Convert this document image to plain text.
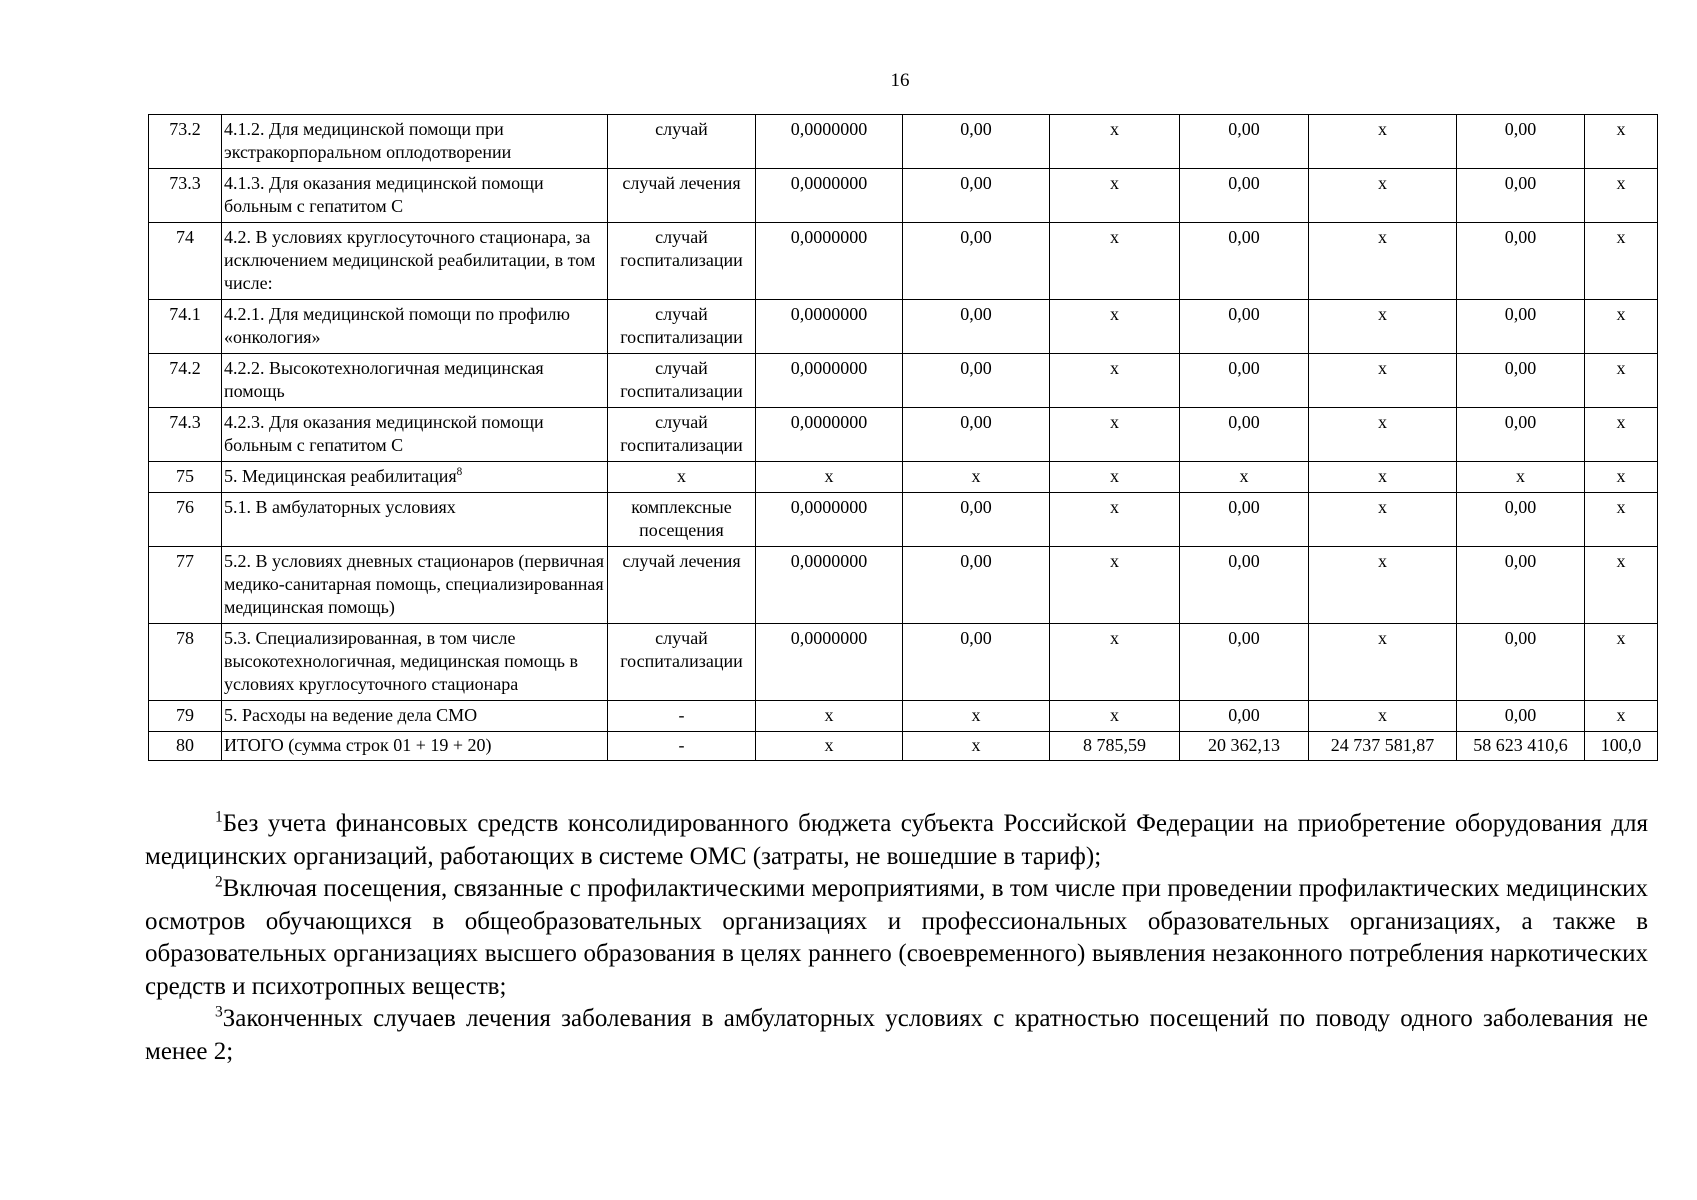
16
73.2	4.1.2. Для медицинской помощи при экстракорпоральном оплодотворении	случай	0,0000000	0,00	x	0,00	x	0,00	x
73.3	4.1.3. Для оказания медицинской помощи больным с гепатитом С	случай лечения	0,0000000	0,00	x	0,00	x	0,00	x
74	4.2. В условиях круглосуточного стационара, за исключением медицинской реабилитации, в том числе:	случай госпитализации	0,0000000	0,00	x	0,00	x	0,00	x
74.1	4.2.1. Для медицинской помощи по профилю «онкология»	случай госпитализации	0,0000000	0,00	x	0,00	x	0,00	x
74.2	4.2.2. Высокотехнологичная медицинская помощь	случай госпитализации	0,0000000	0,00	x	0,00	x	0,00	x
74.3	4.2.3. Для оказания медицинской помощи больным с гепатитом С	случай госпитализации	0,0000000	0,00	x	0,00	x	0,00	x
75	5. Медицинская реабилитация$^8$	x	x	x	x	x	x	x	x
76	5.1. В амбулаторных условиях	комплексные посещения	0,0000000	0,00	x	0,00	x	0,00	x
77	5.2. В условиях дневных стационаров (первичная медико-санитарная помощь, специализированная медицинская помощь)	случай лечения	0,0000000	0,00	x	0,00	x	0,00	x
78	5.3. Специализированная, в том числе высокотехнологичная, медицинская помощь в условиях круглосуточного стационара	случай госпитализации	0,0000000	0,00	x	0,00	x	0,00	x
79	5. Расходы на ведение дела СМО	-	x	x	x	0,00	x	0,00	x
80	ИТОГО (сумма строк 01 + 19 + 20)	-	x	x	8 785,59	20 362,13	24 737 581,87	58 623 410,6	100,0

$^1$Без учета финансовых средств консолидированного бюджета субъекта Российской Федерации на приобретение оборудования для медицинских организаций, работающих в системе ОМС (затраты, не вошедшие в тариф);

$^2$Включая посещения, связанные с профилактическими мероприятиями, в том числе при проведении профилактических медицинских осмотров обучающихся в общеобразовательных организациях и профессиональных образовательных организациях, а также в образовательных организациях высшего образования в целях раннего (своевременного) выявления незаконного потребления наркотических средств и психотропных веществ;

$^3$Законченных случаев лечения заболевания в амбулаторных условиях с кратностью посещений по поводу одного заболевания не менее 2;
